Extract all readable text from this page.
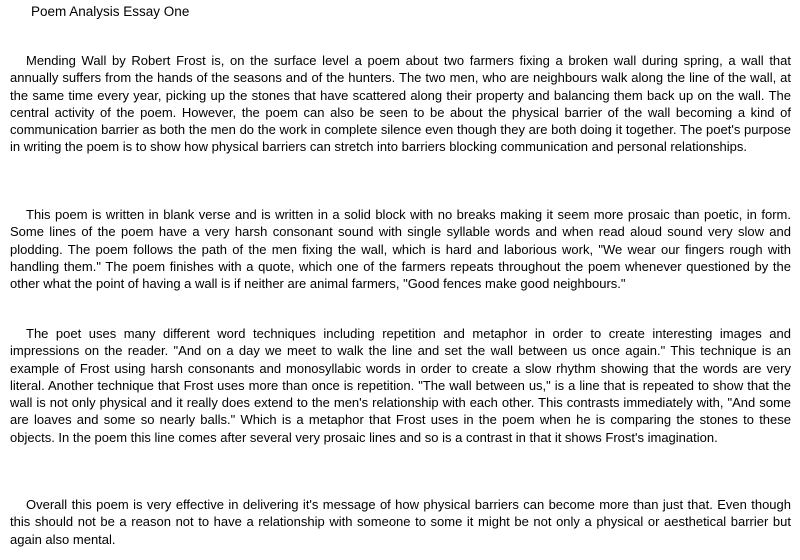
Poem Analysis Essay One

Mending Wall by Robert Frost is, on the surface level a poem about two farmers fixing a broken wall during spring, a wall that annually suffers from the hands of the seasons and of the hunters. The two men, who are neighbours walk along the line of the wall, at the same time every year, picking up the stones that have scattered along their property and balancing them back up on the wall. The central activity of the poem. However, the poem can also be seen to be about the physical barrier of the wall becoming a kind of communication barrier as both the men do the work in complete silence even though they are both doing it together. The poet's purpose in writing the poem is to show how physical barriers can stretch into barriers blocking communication and personal relationships.

This poem is written in blank verse and is written in a solid block with no breaks making it seem more prosaic than poetic, in form. Some lines of the poem have a very harsh consonant sound with single syllable words and when read aloud sound very slow and plodding. The poem follows the path of the men fixing the wall, which is hard and laborious work, "We wear our fingers rough with handling them." The poem finishes with a quote, which one of the farmers repeats throughout the poem whenever questioned by the other what the point of having a wall is if neither are animal farmers, "Good fences make good neighbours."

The poet uses many different word techniques including repetition and metaphor in order to create interesting images and impressions on the reader. "And on a day we meet to walk the line and set the wall between us once again." This technique is an example of Frost using harsh consonants and monosyllabic words in order to create a slow rhythm showing that the words are very literal. Another technique that Frost uses more than once is repetition. "The wall between us," is a line that is repeated to show that the wall is not only physical and it really does extend to the men's relationship with each other. This contrasts immediately with, "And some are loaves and some so nearly balls." Which is a metaphor that Frost uses in the poem when he is comparing the stones to these objects. In the poem this line comes after several very prosaic lines and so is a contrast in that it shows Frost's imagination.

Overall this poem is very effective in delivering it's message of how physical barriers can become more than just that. Even though this should not be a reason not to have a relationship with someone to some it might be not only a physical or aesthetical barrier but again also mental.
